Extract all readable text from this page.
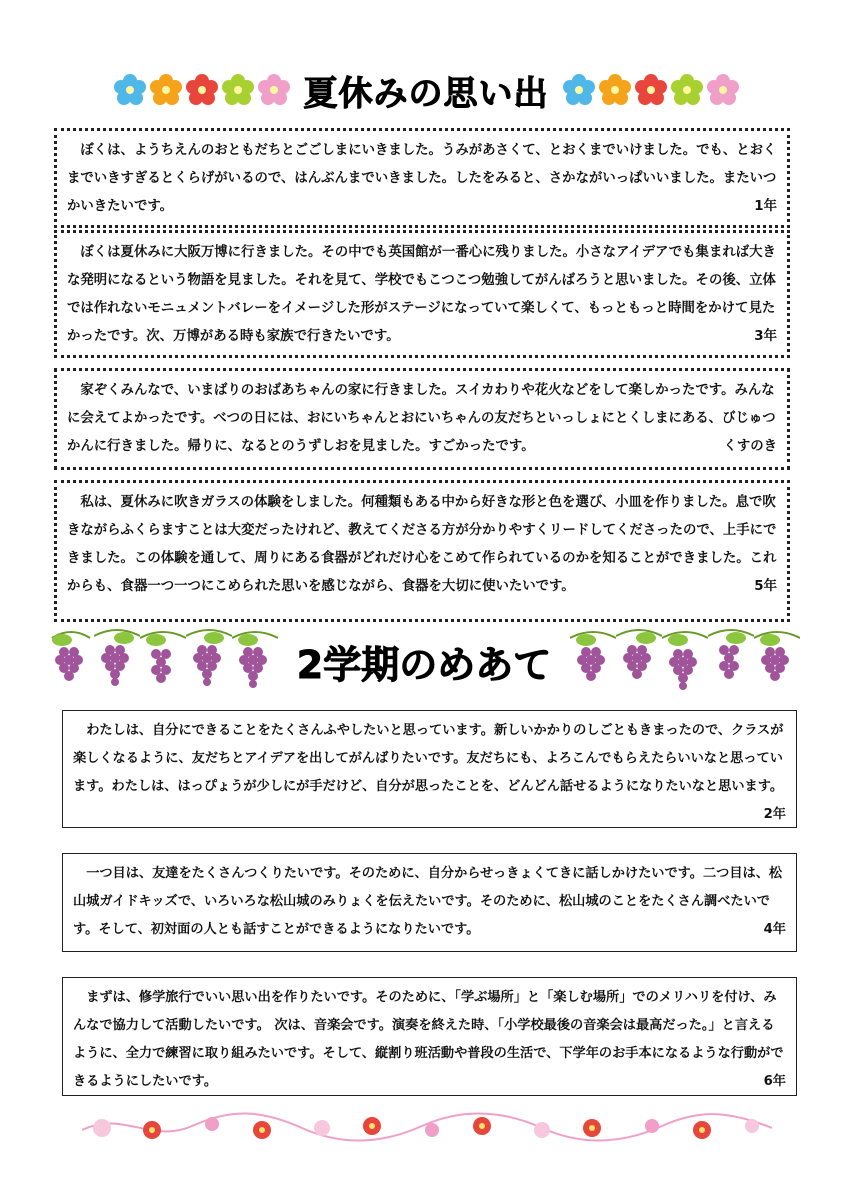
夏休みの思い出

ぼくは、ようちえんのおともだちとごごしまにいきました。うみがあさくて、とおくまでいけました。でも、とおくまでいきすぎるとくらげがいるので、はんぶんまでいきました。したをみると、さかながいっぱいいました。またいつかいきたいです。	1年

ぼくは夏休みに大阪万博に行きました。その中でも英国館が一番心に残りました。小さなアイデアでも集まれば大きな発明になるという物語を見ました。それを見て、学校でもこつこつ勉強してがんばろうと思いました。その後、立体では作れないモニュメントバレーをイメージした形がステージになっていて楽しくて、もっともっと時間をかけて見たかったです。次、万博がある時も家族で行きたいです。	3年

家ぞくみんなで、いまばりのおばあちゃんの家に行きました。スイカわりや花火などをして楽しかったです。みんなに会えてよかったです。べつの日には、おにいちゃんとおにいちゃんの友だちといっしょにとくしまにある、びじゅつかんに行きました。帰りに、なるとのうずしおを見ました。すごかったです。	くすのき

私は、夏休みに吹きガラスの体験をしました。何種類もある中から好きな形と色を選び、小皿を作りました。息で吹きながらふくらますことは大変だったけれど、教えてくださる方が分かりやすくリードしてくださったので、上手にできました。この体験を通して、周りにある食器がどれだけ心をこめて作られているのかを知ることができました。これからも、食器一つ一つにこめられた思いを感じながら、食器を大切に使いたいです。	5年

2学期のめあて

わたしは、自分にできることをたくさんふやしたいと思っています。新しいかかりのしごともきまったので、クラスが楽しくなるように、友だちとアイデアを出してがんばりたいです。友だちにも、よろこんでもらえたらいいなと思っています。わたしは、はっぴょうが少しにが手だけど、自分が思ったことを、どんどん話せるようになりたいなと思います。
2年

一つ目は、友達をたくさんつくりたいです。そのために、自分からせっきょくてきに話しかけたいです。二つ目は、松山城ガイドキッズで、いろいろな松山城のみりょくを伝えたいです。そのために、松山城のことをたくさん調べたいです。そして、初対面の人とも話すことができるようになりたいです。	4年

まずは、修学旅行でいい思い出を作りたいです。そのために、「学ぶ場所」と「楽しむ場所」でのメリハリを付け、みんなで協力して活動したいです。 次は、音楽会です。演奏を終えた時、「小学校最後の音楽会は最高だった。」と言えるように、全力で練習に取り組みたいです。そして、縦割り班活動や普段の生活で、下学年のお手本になるような行動ができるようにしたいです。	6年
